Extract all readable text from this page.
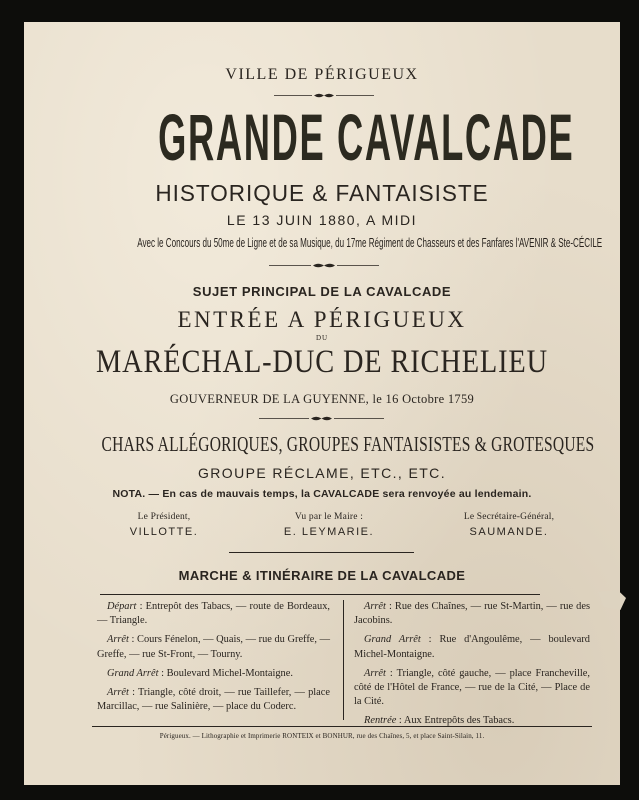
VILLE DE PÉRIGUEUX
GRANDE CAVALCADE
HISTORIQUE & FANTAISISTE
LE 13 JUIN 1880, A MIDI
Avec le Concours du 50me de Ligne et de sa Musique, du 17me Régiment de Chasseurs et des Fanfares l'AVENIR & Ste-CÉCILE
SUJET PRINCIPAL DE LA CAVALCADE
ENTRÉE A PÉRIGUEUX
DU
MARÉCHAL-DUC DE RICHELIEU
GOUVERNEUR DE LA GUYENNE, le 16 Octobre 1759
CHARS ALLÉGORIQUES, GROUPES FANTAISISTES & GROTESQUES
GROUPE RÉCLAME, ETC., ETC.
NOTA. — En cas de mauvais temps, la CAVALCADE sera renvoyée au lendemain.
Le Président,
VILLOTTE.
Vu par le Maire :
E. LEYMARIE.
Le Secrétaire-Général,
SAUMANDE.
MARCHE & ITINÉRAIRE DE LA CAVALCADE

Départ : Entrepôt des Tabacs, — route de Bordeaux, — Triangle.

Arrêt : Cours Fénelon, — Quais, — rue du Greffe, — Greffe, — rue St-Front, — Tourny.

Grand Arrêt : Boulevard Michel-Montaigne.

Arrêt : Triangle, côté droit, — rue Taillefer, — place Marcillac, — rue Salinière, — place du Coderc.

Arrêt : Rue des Chaînes, — rue St-Martin, — rue des Jacobins.

Grand Arrêt : Rue d'Angoulême, — boulevard Michel-Montaigne.

Arrêt : Triangle, côté gauche, — place Francheville, côté de l'Hôtel de France, — rue de la Cité, — Place de la Cité.

Rentrée : Aux Entrepôts des Tabacs.

Périgueux. — Lithographie et Imprimerie RONTEIX et BONHUR, rue des Chaînes, 5, et place Saint-Silain, 11.
